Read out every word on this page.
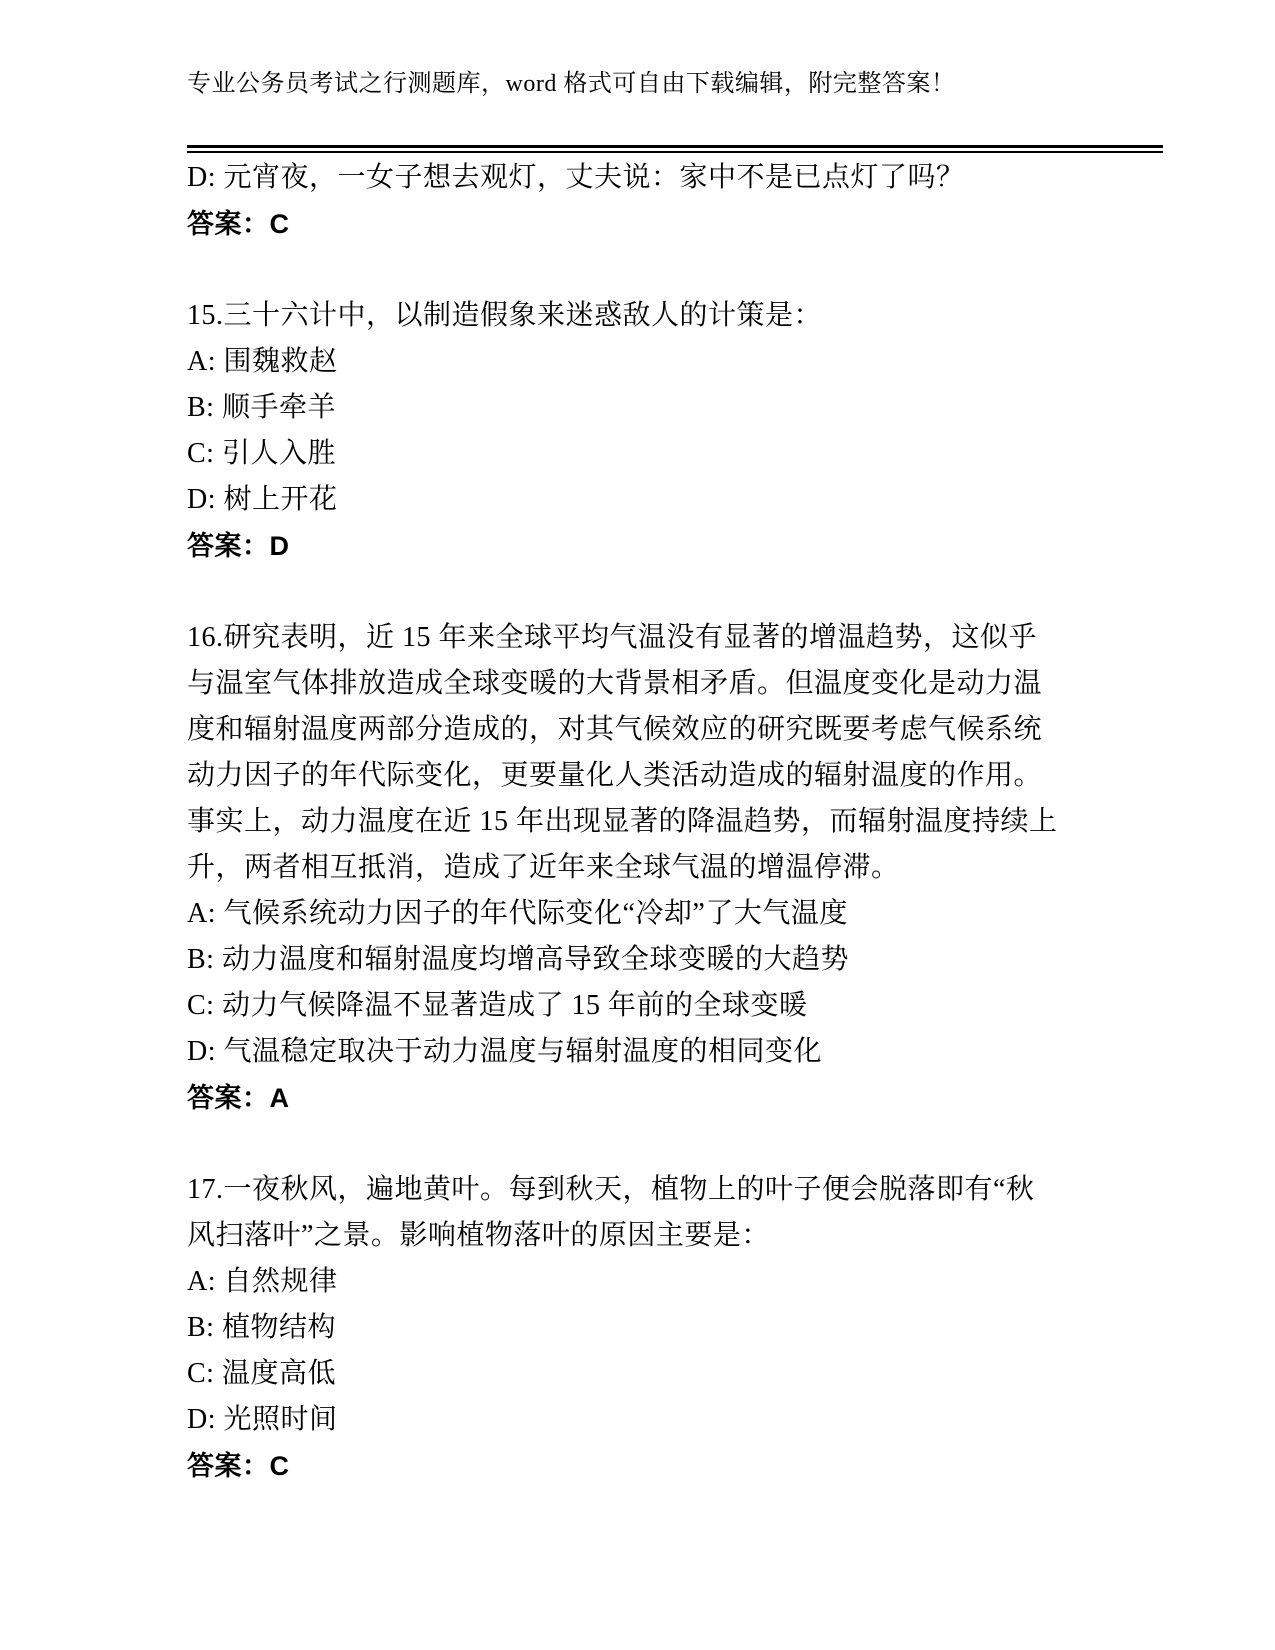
专业公务员考试之行测题库，word 格式可自由下载编辑，附完整答案！
D: 元宵夜，一女子想去观灯，丈夫说：家中不是已点灯了吗？
答案：C
15.三十六计中，以制造假象来迷惑敌人的计策是：
A: 围魏救赵
B: 顺手牵羊
C: 引人入胜
D: 树上开花
答案：D
16.研究表明，近 15 年来全球平均气温没有显著的增温趋势，这似乎
与温室气体排放造成全球变暖的大背景相矛盾。但温度变化是动力温
度和辐射温度两部分造成的，对其气候效应的研究既要考虑气候系统
动力因子的年代际变化，更要量化人类活动造成的辐射温度的作用。
事实上，动力温度在近 15 年出现显著的降温趋势，而辐射温度持续上
升，两者相互抵消，造成了近年来全球气温的增温停滞。
A: 气候系统动力因子的年代际变化“冷却”了大气温度
B: 动力温度和辐射温度均增高导致全球变暖的大趋势
C: 动力气候降温不显著造成了 15 年前的全球变暖
D: 气温稳定取决于动力温度与辐射温度的相同变化
答案：A
17.一夜秋风，遍地黄叶。每到秋天，植物上的叶子便会脱落即有“秋
风扫落叶”之景。影响植物落叶的原因主要是：
A: 自然规律
B: 植物结构
C: 温度高低
D: 光照时间
答案：C
